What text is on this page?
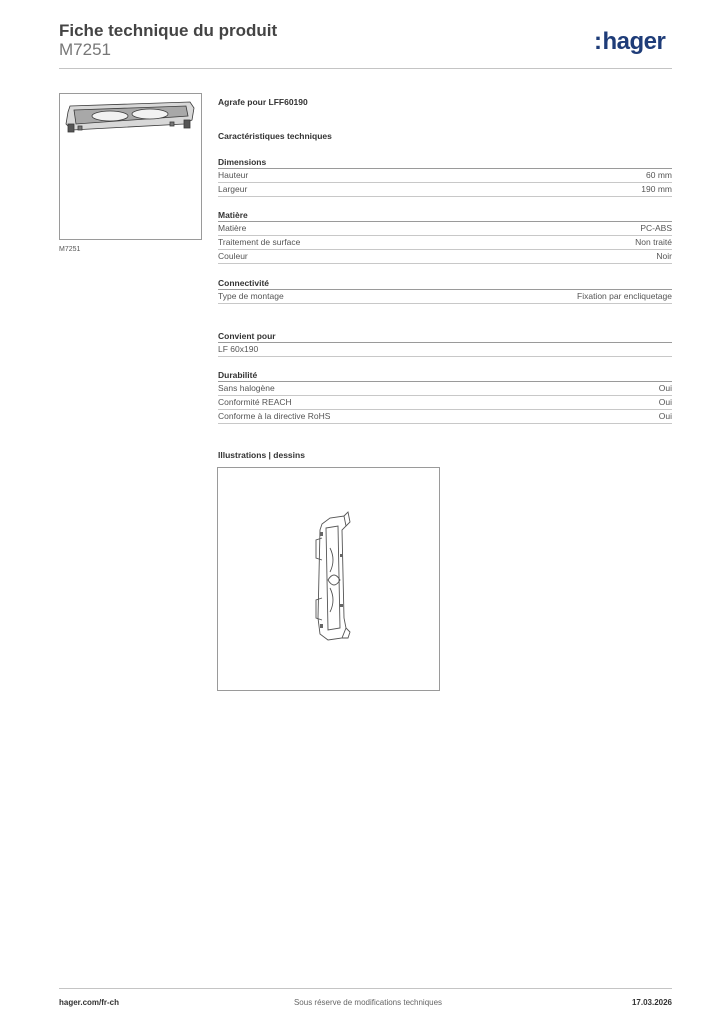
Fiche technique du produit
M7251	:hager
M7251
Agrafe pour LFF60190
Caractéristiques techniques
Dimensions
Hauteur	60 mm
Largeur	190 mm
Matière
Matière	PC-ABS
Traitement de surface	Non traité
Couleur	Noir
Connectivité
Type de montage	Fixation par encliquetage
Convient pour
LF 60x190
Durabilité
Sans halogène	Oui
Conformité REACH	Oui
Conforme à la directive RoHS	Oui
Illustrations | dessins
hager.com/fr-ch	Sous réserve de modifications techniques	17.03.2026
